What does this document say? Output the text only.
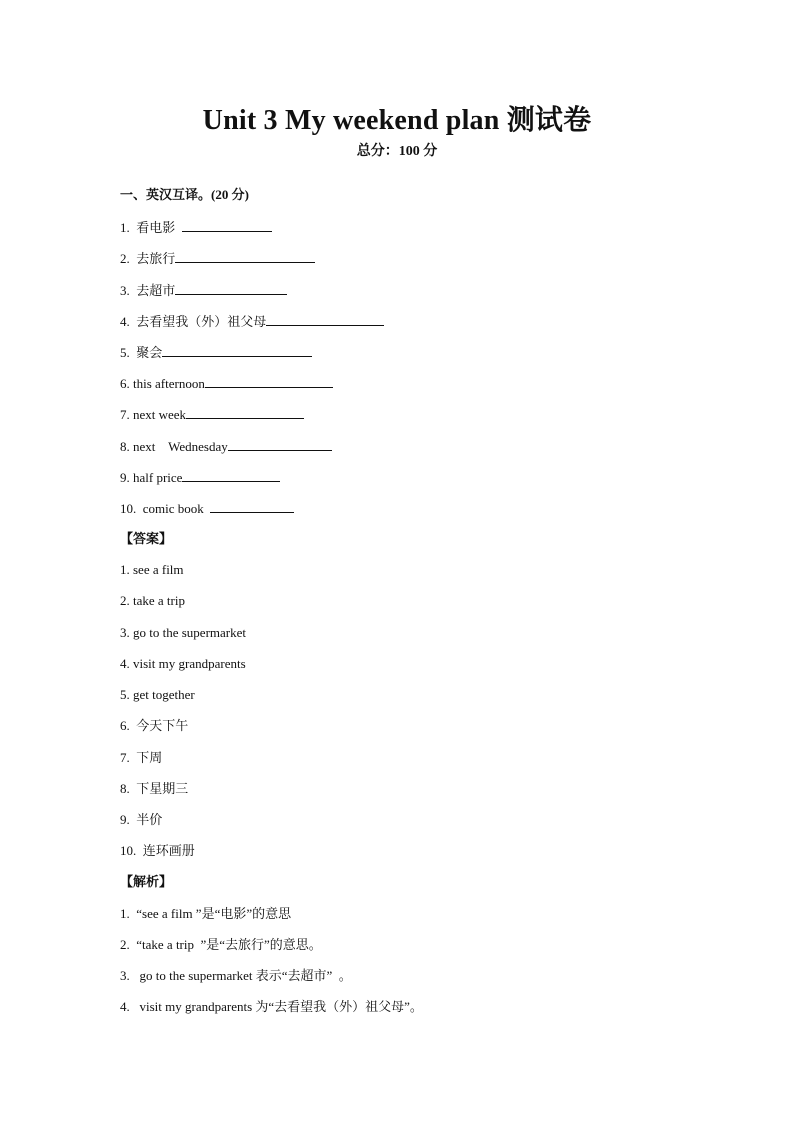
Unit 3 My weekend plan 测试卷
总分：100 分
一、英汉互译。(20 分)
1. 看电影
2. 去旅行
3. 去超市
4. 去看望我（外）祖父母
5. 聚会
6. this afternoon
7. next week
8. next    Wednesday
9. half price
10. comic book
【答案】
1. see a film
2. take a trip
3. go to the supermarket
4. visit my grandparents
5. get together
6.  今天下午
7.  下周
8.  下星期三
9.  半价
10.  连环画册
【解析】
1.  “see a film ”是“电影”的意思
2.  “take a trip  ”是“去旅行”的意思。
3.   go to the supermarket 表示“去超市”  。
4.   visit my grandparents 为“去看望我（外）祖父母”。
